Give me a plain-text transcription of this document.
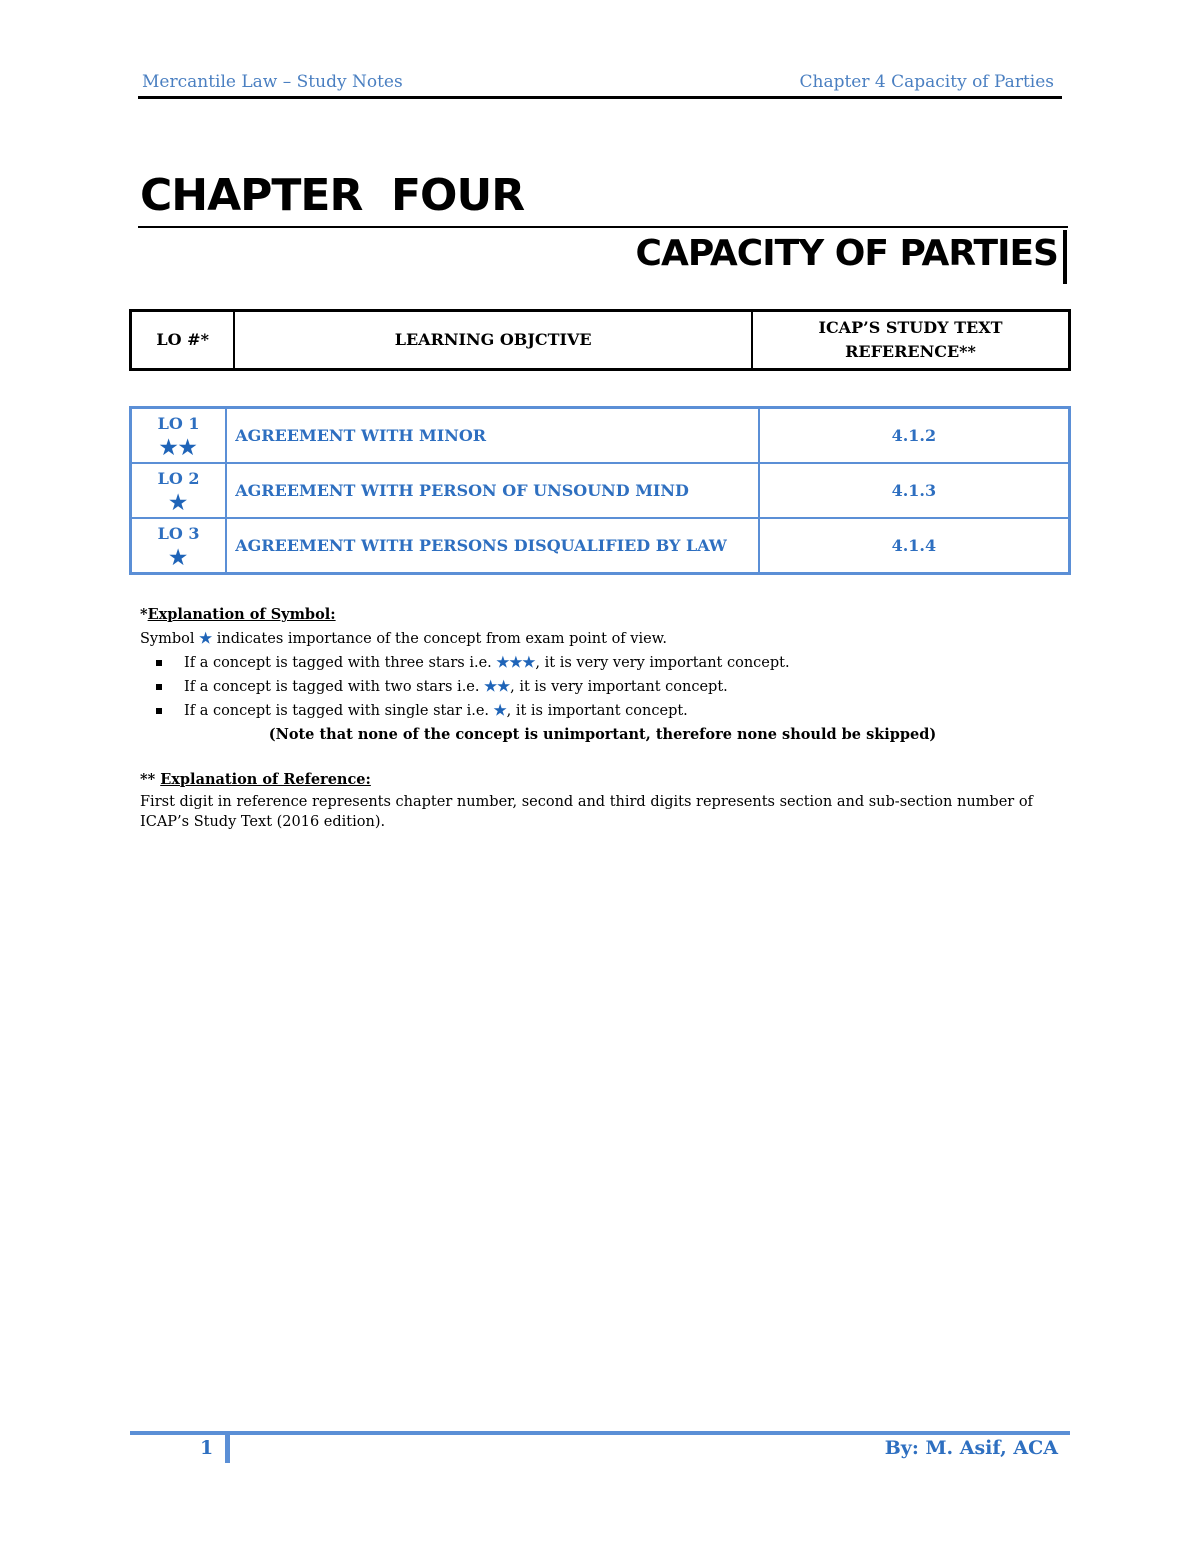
Mercantile Law – Study Notes	Chapter 4 Capacity of Parties
CHAPTER  FOUR
CAPACITY OF PARTIES
LO #*	LEARNING OBJCTIVE	ICAP’S STUDY TEXT
REFERENCE**
LO 1
★★	AGREEMENT WITH MINOR	4.1.2

LO 2
★	AGREEMENT WITH PERSON OF UNSOUND MIND	4.1.3

LO 3
★	AGREEMENT WITH PERSONS DISQUALIFIED BY LAW	4.1.4

*Explanation of Symbol:

Symbol ★ indicates importance of the concept from exam point of view.

If a concept is tagged with three stars i.e. ★★★, it is very very important concept.
If a concept is tagged with two stars i.e. ★★, it is very important concept.
If a concept is tagged with single star i.e. ★, it is important concept.

(Note that none of the concept is unimportant, therefore none should be skipped)

** Explanation of Reference:

First digit in reference represents chapter number, second and third digits represents section and sub-section number of ICAP’s Study Text (2016 edition).

1	By: M. Asif, ACA
